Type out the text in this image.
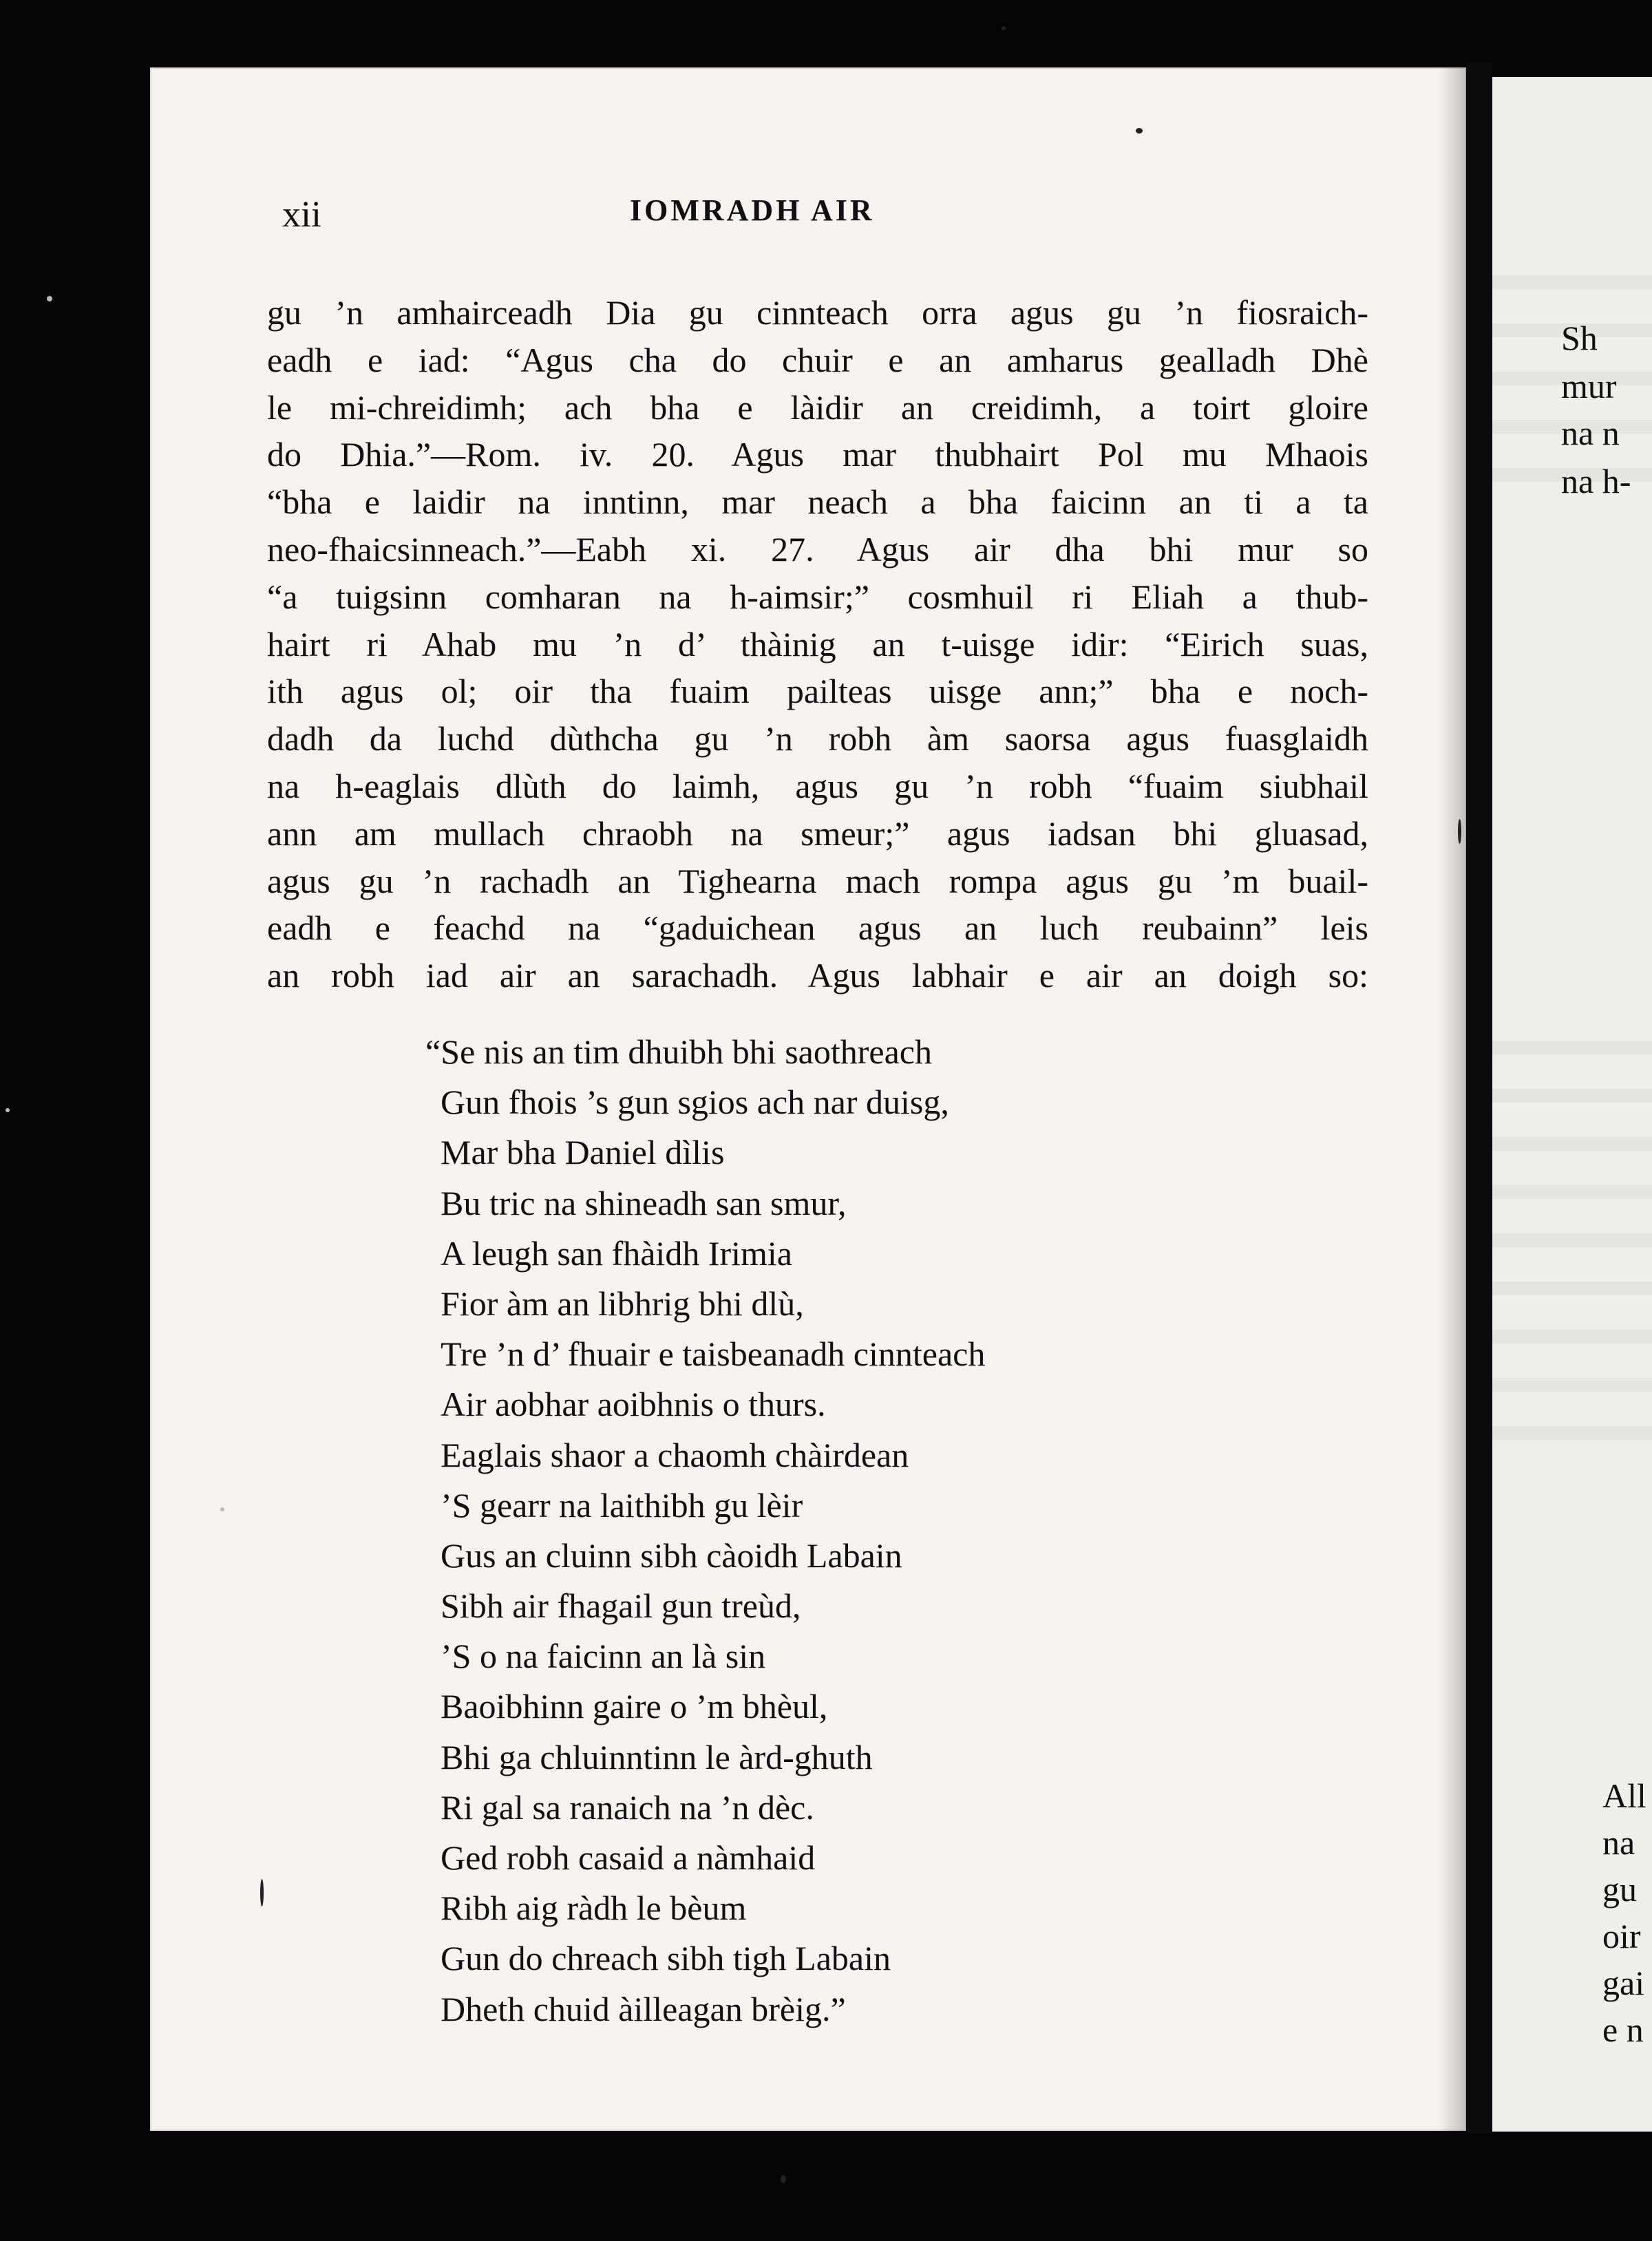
Sh
mur
na n
na h-
All
na
gu
oir
gai
e n
xii	IOMRADH AIR
gu ’n amhairceadh Dia gu cinnteach orra agus gu ’n fiosraich-
eadh e iad: “Agus cha do chuir e an amharus gealladh Dhè
le mi-chreidimh; ach bha e làidir an creidimh, a toirt gloire
do Dhia.”—Rom. iv. 20. Agus mar thubhairt Pol mu Mhaois
“bha e laidir na inntinn, mar neach a bha faicinn an ti a ta
neo-fhaicsinneach.”—Eabh xi. 27. Agus air dha bhi mur so
“a tuigsinn comharan na h-aimsir;” cosmhuil ri Eliah a thub-
hairt ri Ahab mu ’n d’ thàinig an t-uisge idir: “Eirich suas,
ith agus ol; oir tha fuaim pailteas uisge ann;” bha e noch-
dadh da luchd dùthcha gu ’n robh àm saorsa agus fuasglaidh
na h-eaglais dlùth do laimh, agus gu ’n robh “fuaim siubhail
ann am mullach chraobh na smeur;” agus iadsan bhi gluasad,
agus gu ’n rachadh an Tighearna mach rompa agus gu ’m buail-
eadh e feachd na “gaduichean agus an luch reubainn” leis
an robh iad air an sarachadh. Agus labhair e air an doigh so:
“Se nis an tim dhuibh bhi saothreach
Gun fhois ’s gun sgios ach nar duisg,
Mar bha Daniel dìlis
Bu tric na shineadh san smur,
A leugh san fhàidh Irimia
Fior àm an libhrig bhi dlù,
Tre ’n d’ fhuair e taisbeanadh cinnteach
Air aobhar aoibhnis o thurs.
Eaglais shaor a chaomh chàirdean
’S gearr na laithibh gu lèir
Gus an cluinn sibh càoidh Labain
Sibh air fhagail gun treùd,
’S o na faicinn an là sin
Baoibhinn gaire o ’m bhèul,
Bhi ga chluinntinn le àrd-ghuth
Ri gal sa ranaich na ’n dèc.
Ged robh casaid a nàmhaid
Ribh aig ràdh le bèum
Gun do chreach sibh tigh Labain
Dheth chuid àilleagan brèig.”
